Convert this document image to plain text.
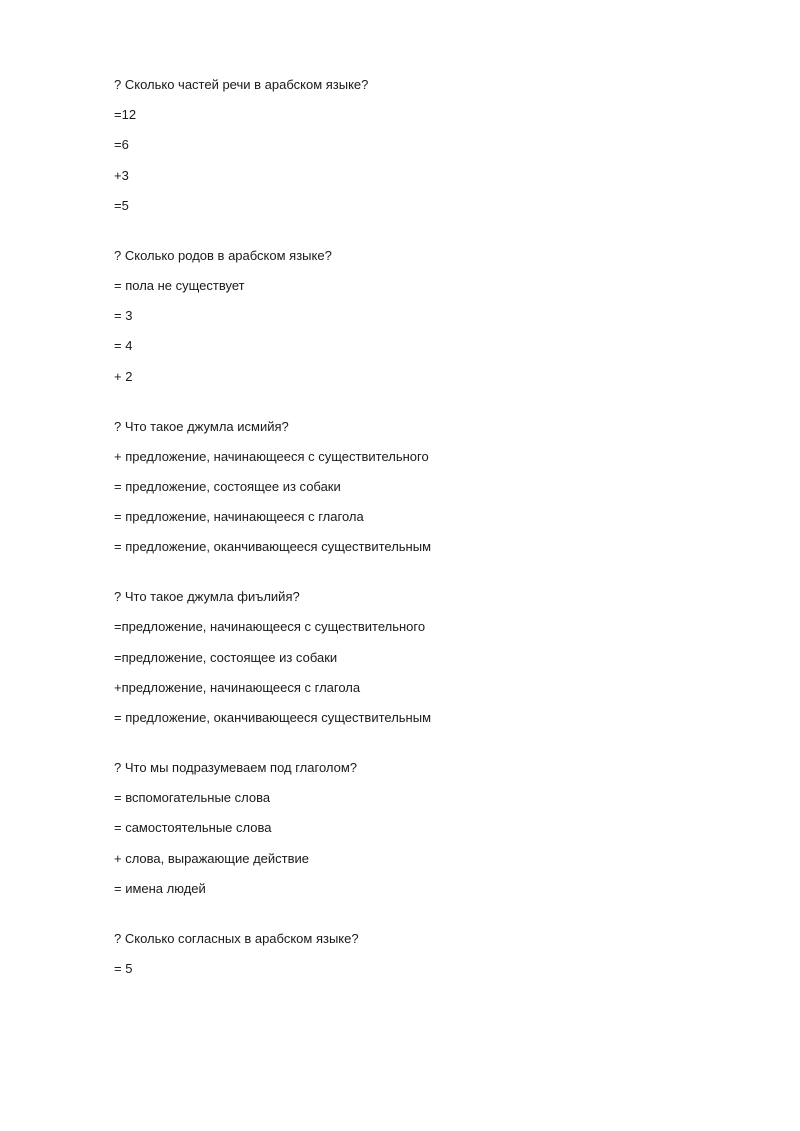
? Сколько частей речи в арабском языке?
=12
=6
+3
=5
? Сколько родов в арабском языке?
= пола не существует
= 3
= 4
+ 2
? Что такое джумла исмийя?
+ предложение, начинающееся с существительного
= предложение, состоящее из собаки
= предложение, начинающееся с глагола
= предложение, оканчивающееся существительным
? Что такое джумла фиълийя?
=предложение, начинающееся с существительного
=предложение, состоящее из собаки
+предложение, начинающееся с глагола
= предложение, оканчивающееся существительным
? Что мы подразумеваем под глаголом?
= вспомогательные слова
= самостоятельные слова
+ слова, выражающие действие
= имена людей
? Сколько согласных в арабском языке?
= 5
